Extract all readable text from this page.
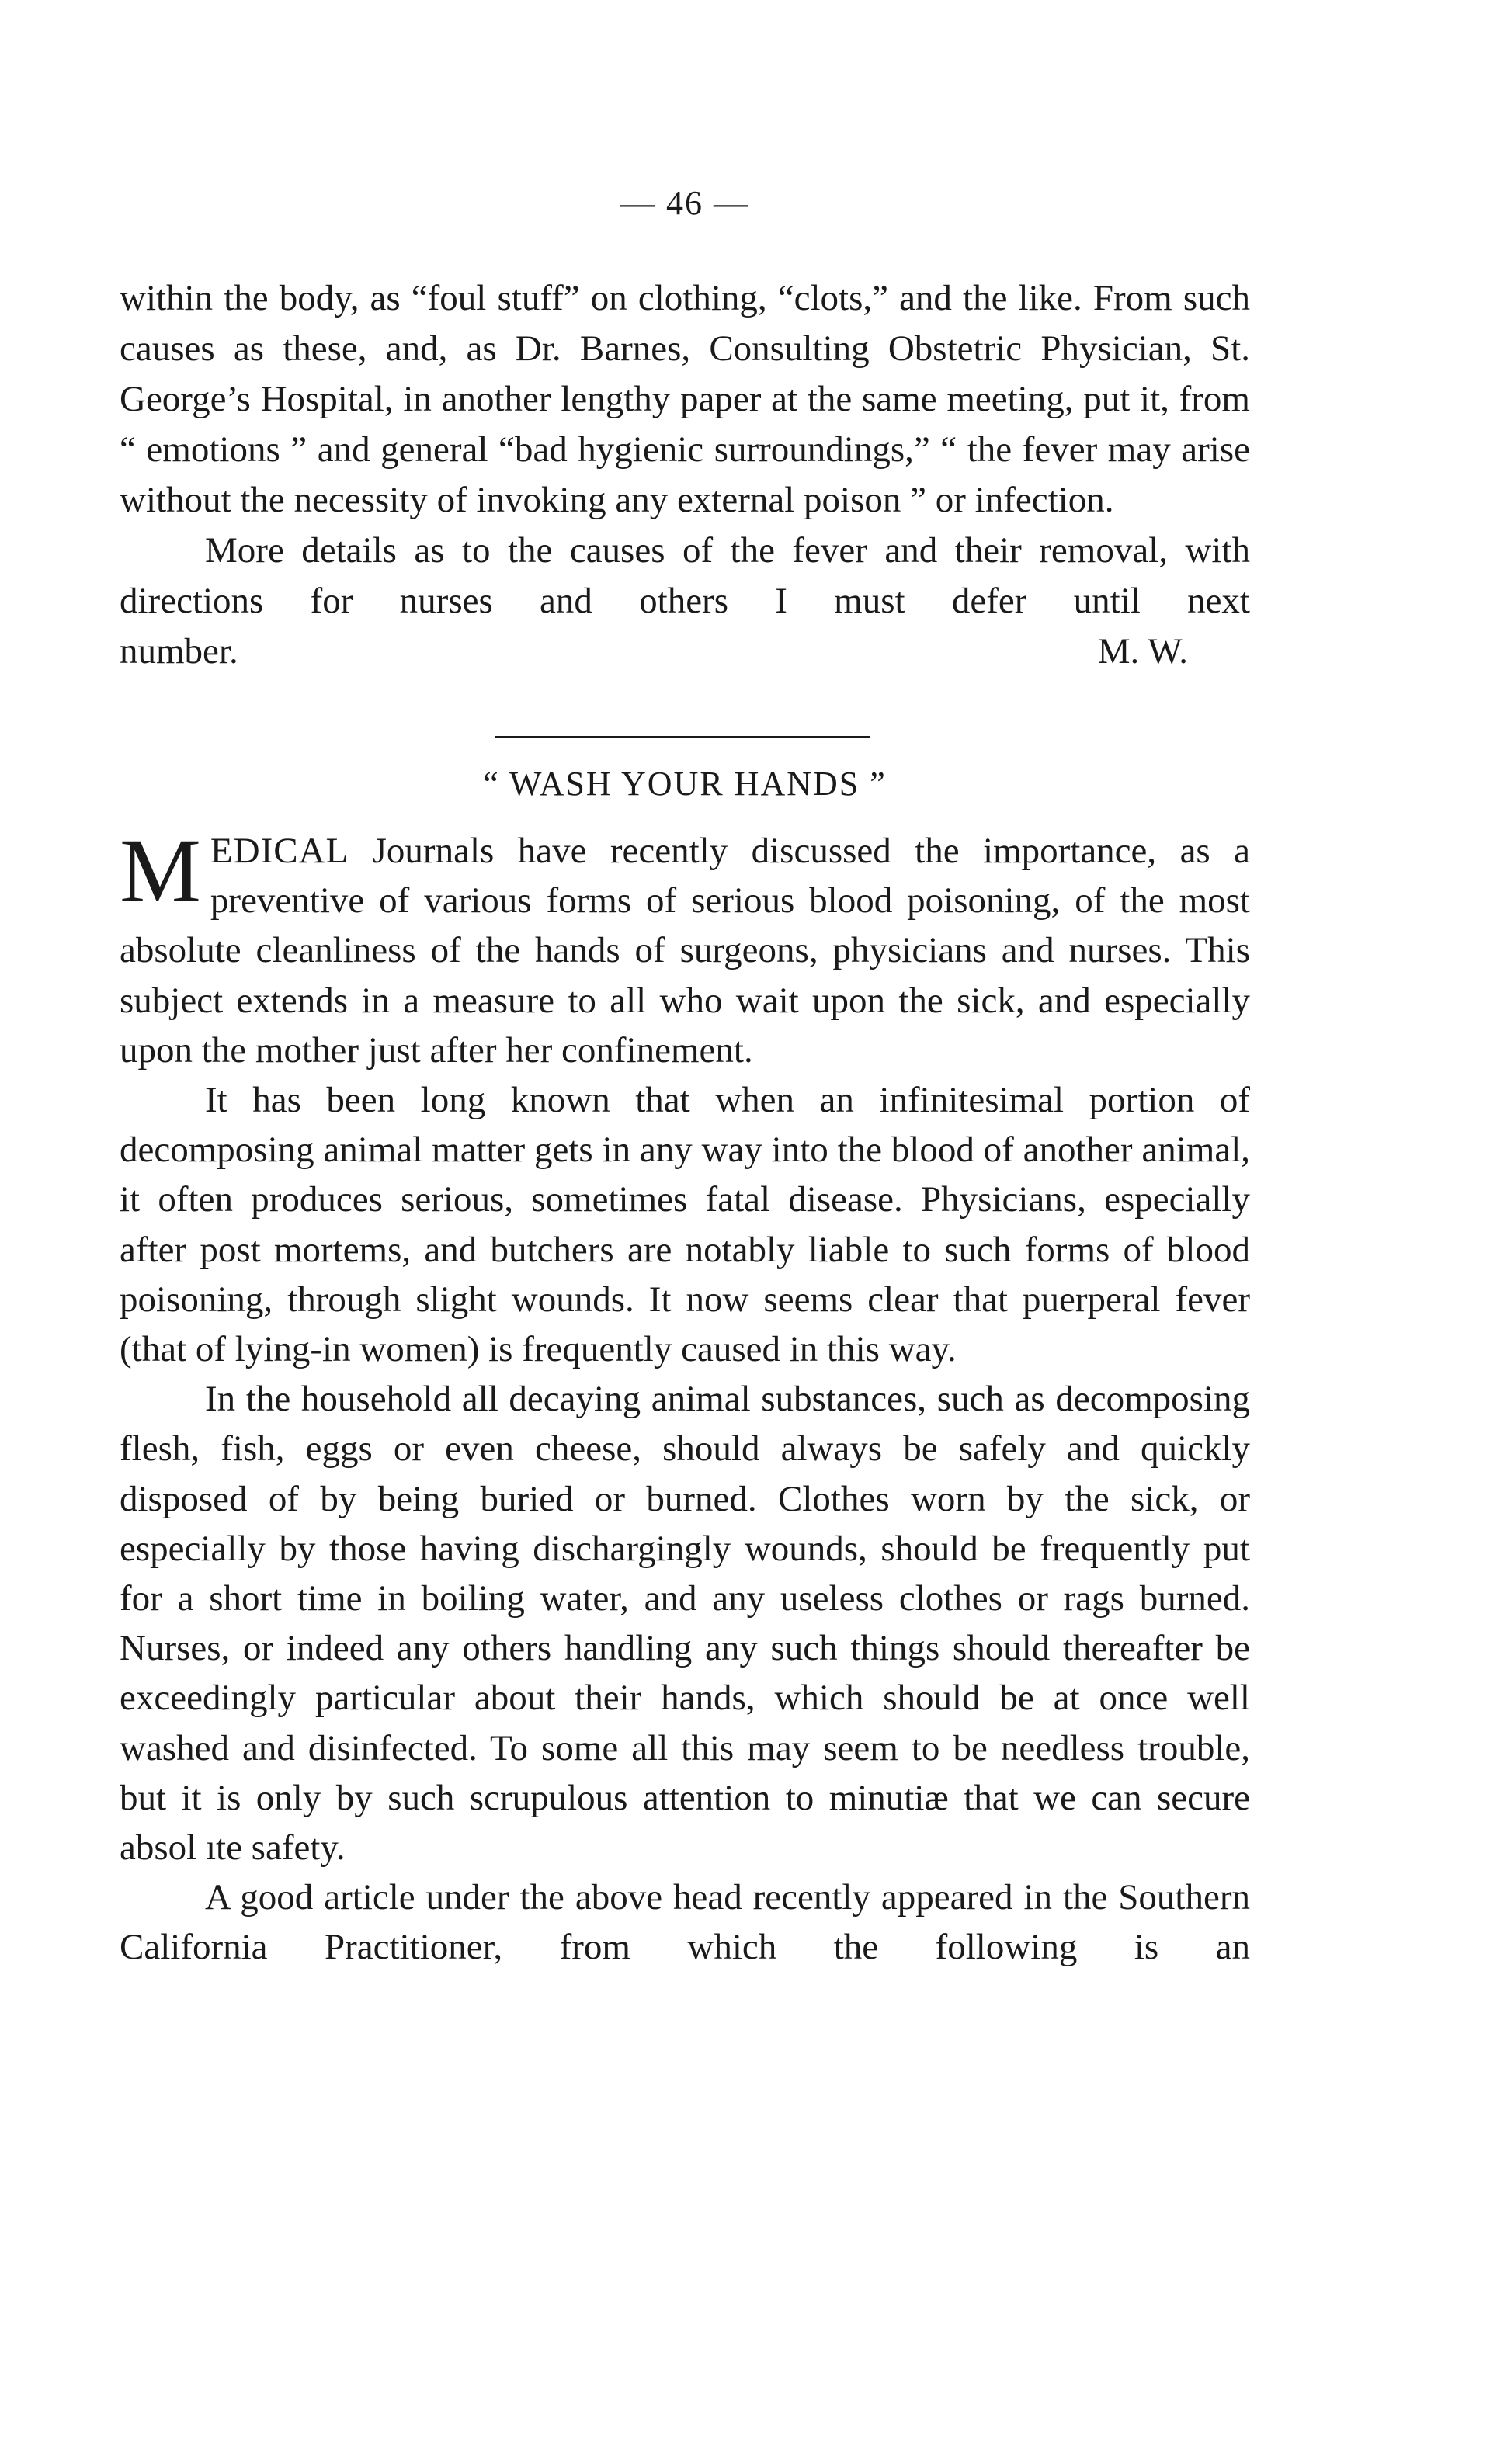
— 46 —

within the body, as “foul stuff” on clothing, “clots,” and the like. From such causes as these, and, as Dr. Barnes, Consulting Obstetric Physician, St. George’s Hospital, in another lengthy paper at the same meeting, put it, from “ emotions ” and general “bad hygienic surroundings,” “ the fever may arise without the necessity of invoking any external poison ” or infection.

More details as to the causes of the fever and their removal, with directions for nurses and others I must defer until next

number.	M. W.
“ WASH YOUR HANDS ”

MEDICAL Journals have recently discussed the importance, as a preventive of various forms of serious blood poisoning, of the most absolute cleanliness of the hands of surgeons, physicians and nurses. This subject extends in a measure to all who wait upon the sick, and especially upon the mother just after her confinement.

It has been long known that when an infinitesimal portion of decomposing animal matter gets in any way into the blood of another animal, it often produces serious, sometimes fatal disease. Physicians, especially after post mortems, and butchers are notably liable to such forms of blood poisoning, through slight wounds. It now seems clear that puerperal fever (that of lying-in women) is frequently caused in this way.

In the household all decaying animal substances, such as decomposing flesh, fish, eggs or even cheese, should always be safely and quickly disposed of by being buried or burned. Clothes worn by the sick, or especially by those having dischargingly wounds, should be frequently put for a short time in boiling water, and any useless clothes or rags burned. Nurses, or indeed any others handling any such things should thereafter be exceedingly particular about their hands, which should be at once well washed and disinfected. To some all this may seem to be needless trouble, but it is only by such scrupulous attention to minutiæ that we can secure absol ıte safety.

A good article under the above head recently appeared in the Southern California Practitioner, from which the following is an
